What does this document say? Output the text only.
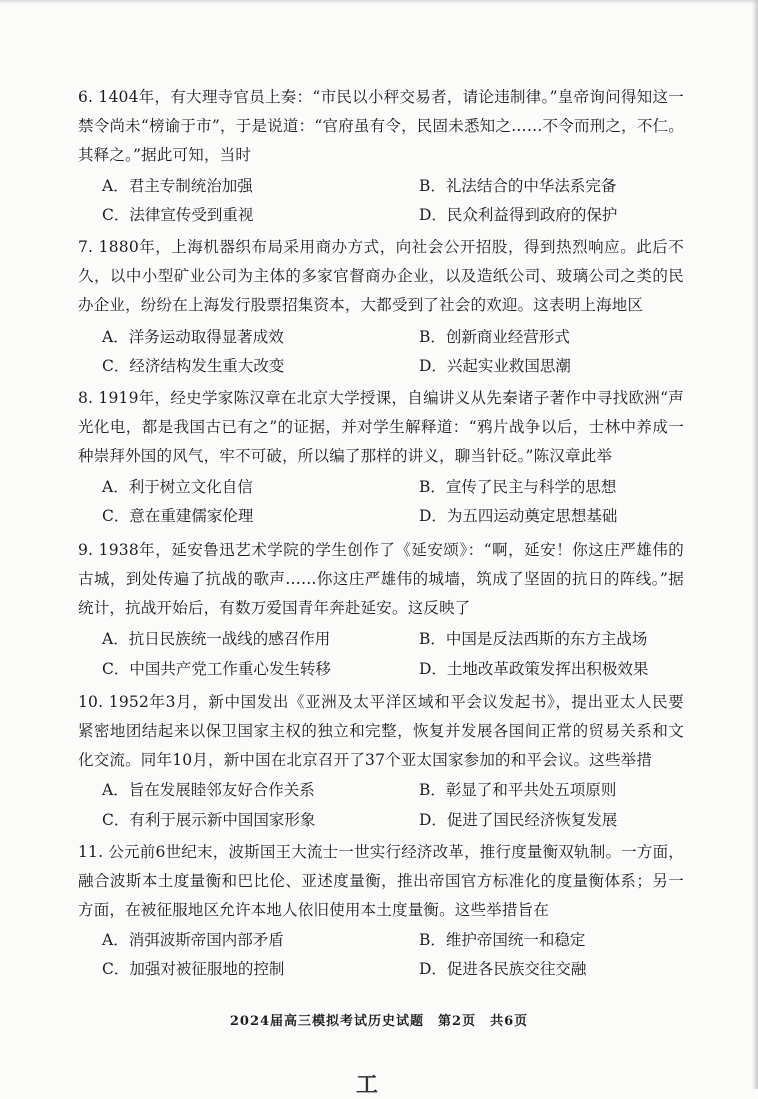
6. 1404年，有大理寺官员上奏：“市民以小秤交易者，请论违制律。”皇帝询问得知这一禁令尚未“榜谕于市”，于是说道：“官府虽有令，民固未悉知之……不令而刑之，不仁。其释之。”据此可知，当时
A．君主专制统治加强	B．礼法结合的中华法系完备
C．法律宣传受到重视	D．民众利益得到政府的保护
7. 1880年，上海机器织布局采用商办方式，向社会公开招股，得到热烈响应。此后不久，以中小型矿业公司为主体的多家官督商办企业，以及造纸公司、玻璃公司之类的民办企业，纷纷在上海发行股票招集资本，大都受到了社会的欢迎。这表明上海地区
A．洋务运动取得显著成效	B．创新商业经营形式
C．经济结构发生重大改变	D．兴起实业救国思潮
8. 1919年，经史学家陈汉章在北京大学授课，自编讲义从先秦诸子著作中寻找欧洲“声光化电，都是我国古已有之”的证据，并对学生解释道：“鸦片战争以后，士林中养成一种崇拜外国的风气，牢不可破，所以编了那样的讲义，聊当针砭。”陈汉章此举
A．利于树立文化自信	B．宣传了民主与科学的思想
C．意在重建儒家伦理	D．为五四运动奠定思想基础
9. 1938年，延安鲁迅艺术学院的学生创作了《延安颂》：“啊，延安！你这庄严雄伟的古城，到处传遍了抗战的歌声……你这庄严雄伟的城墙，筑成了坚固的抗日的阵线。”据统计，抗战开始后，有数万爱国青年奔赴延安。这反映了
A．抗日民族统一战线的感召作用	B．中国是反法西斯的东方主战场
C．中国共产党工作重心发生转移	D．土地改革政策发挥出积极效果
10. 1952年3月，新中国发出《亚洲及太平洋区域和平会议发起书》，提出亚太人民要紧密地团结起来以保卫国家主权的独立和完整，恢复并发展各国间正常的贸易关系和文化交流。同年10月，新中国在北京召开了37个亚太国家参加的和平会议。这些举措
A．旨在发展睦邻友好合作关系	B．彰显了和平共处五项原则
C．有利于展示新中国国家形象	D．促进了国民经济恢复发展
11. 公元前6世纪末，波斯国王大流士一世实行经济改革，推行度量衡双轨制。一方面，融合波斯本土度量衡和巴比伦、亚述度量衡，推出帝国官方标准化的度量衡体系；另一方面，在被征服地区允许本地人依旧使用本土度量衡。这些举措旨在
A．消弭波斯帝国内部矛盾	B．维护帝国统一和稳定
C．加强对被征服地的控制	D．促进各民族交往交融
2024届高三模拟考试历史试题　第2页　共6页
工
